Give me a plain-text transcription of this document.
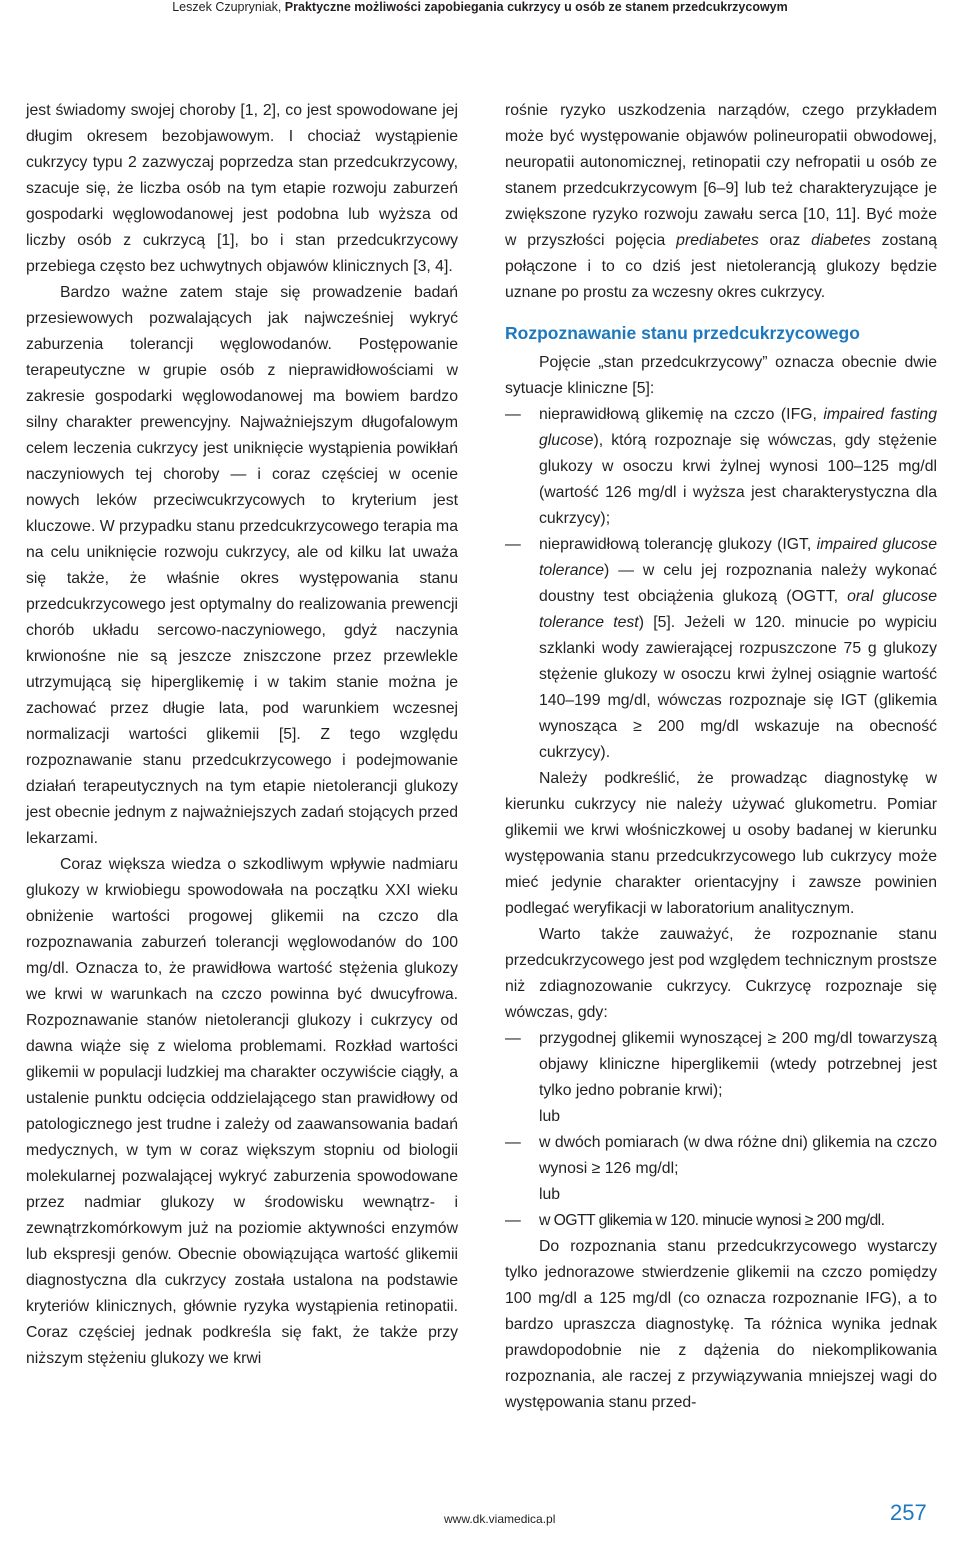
Leszek Czupryniak, Praktyczne możliwości zapobiegania cukrzycy u osób ze stanem przedcukrzycowym

jest świadomy swojej choroby [1, 2], co jest spowodowane jej długim okresem bezobjawowym. I chociaż wystąpienie cukrzycy typu 2 zazwyczaj poprzedza stan przedcukrzycowy, szacuje się, że liczba osób na tym etapie rozwoju zaburzeń gospodarki węglowodanowej jest podobna lub wyższa od liczby osób z cukrzycą [1], bo i stan przedcukrzycowy przebiega często bez uchwytnych objawów klinicznych [3, 4].

Bardzo ważne zatem staje się prowadzenie badań przesiewowych pozwalających jak najwcześniej wykryć zaburzenia tolerancji węglowodanów. Postępowanie terapeutyczne w grupie osób z nieprawidłowościami w zakresie gospodarki węglowodanowej ma bowiem bardzo silny charakter prewencyjny. Najważniejszym długofalowym celem leczenia cukrzycy jest uniknięcie wystąpienia powikłań naczyniowych tej choroby — i coraz częściej w ocenie nowych leków przeciwcukrzycowych to kryterium jest kluczowe. W przypadku stanu przedcukrzycowego terapia ma na celu uniknięcie rozwoju cukrzycy, ale od kilku lat uważa się także, że właśnie okres występowania stanu przedcukrzycowego jest optymalny do realizowania prewencji chorób układu sercowo-naczyniowego, gdyż naczynia krwionośne nie są jeszcze zniszczone przez przewlekle utrzymującą się hiperglikemię i w takim stanie można je zachować przez długie lata, pod warunkiem wczesnej normalizacji wartości glikemii [5]. Z tego względu rozpoznawanie stanu przedcukrzycowego i podejmowanie działań terapeutycznych na tym etapie nietolerancji glukozy jest obecnie jednym z najważniejszych zadań stojących przed lekarzami.

Coraz większa wiedza o szkodliwym wpływie nadmiaru glukozy w krwiobiegu spowodowała na początku XXI wieku obniżenie wartości progowej glikemii na czczo dla rozpoznawania zaburzeń tolerancji węglowodanów do 100 mg/dl. Oznacza to, że prawidłowa wartość stężenia glukozy we krwi w warunkach na czczo powinna być dwucyfrowa. Rozpoznawanie stanów nietolerancji glukozy i cukrzycy od dawna wiąże się z wieloma problemami. Rozkład wartości glikemii w populacji ludzkiej ma charakter oczywiście ciągły, a ustalenie punktu odcięcia oddzielającego stan prawidłowy od patologicznego jest trudne i zależy od zaawansowania badań medycznych, w tym w coraz większym stopniu od biologii molekularnej pozwalającej wykryć zaburzenia spowodowane przez nadmiar glukozy w środowisku wewnątrz- i zewnątrzkomórkowym już na poziomie aktywności enzymów lub ekspresji genów. Obecnie obowiązująca wartość glikemii diagnostyczna dla cukrzycy została ustalona na podstawie kryteriów klinicznych, głównie ryzyka wystąpienia retinopatii. Coraz częściej jednak podkreśla się fakt, że także przy niższym stężeniu glukozy we krwi

rośnie ryzyko uszkodzenia narządów, czego przykładem może być występowanie objawów polineuropatii obwodowej, neuropatii autonomicznej, retinopatii czy nefropatii u osób ze stanem przedcukrzycowym [6–9] lub też charakteryzujące je zwiększone ryzyko rozwoju zawału serca [10, 11]. Być może w przyszłości pojęcia prediabetes oraz diabetes zostaną połączone i to co dziś jest nietolerancją glukozy będzie uznane po prostu za wczesny okres cukrzycy.

Rozpoznawanie stanu przedcukrzycowego

Pojęcie „stan przedcukrzycowy” oznacza obecnie dwie sytuacje kliniczne [5]:

— nieprawidłową glikemię na czczo (IFG, impaired fasting glucose), którą rozpoznaje się wówczas, gdy stężenie glukozy w osoczu krwi żylnej wynosi 100–125 mg/dl (wartość 126 mg/dl i wyższa jest charakterystyczna dla cukrzycy);
— nieprawidłową tolerancję glukozy (IGT, impaired glucose tolerance) — w celu jej rozpoznania należy wykonać doustny test obciążenia glukozą (OGTT, oral glucose tolerance test) [5]. Jeżeli w 120. minucie po wypiciu szklanki wody zawierającej rozpuszczone 75 g glukozy stężenie glukozy w osoczu krwi żylnej osiągnie wartość 140–199 mg/dl, wówczas rozpoznaje się IGT (glikemia wynosząca ≥ 200 mg/dl wskazuje na obecność cukrzycy).

Należy podkreślić, że prowadząc diagnostykę w kierunku cukrzycy nie należy używać glukometru. Pomiar glikemii we krwi włośniczkowej u osoby badanej w kierunku występowania stanu przedcukrzycowego lub cukrzycy może mieć jedynie charakter orientacyjny i zawsze powinien podlegać weryfikacji w laboratorium analitycznym.

Warto także zauważyć, że rozpoznanie stanu przedcukrzycowego jest pod względem technicznym prostsze niż zdiagnozowanie cukrzycy. Cukrzycę rozpoznaje się wówczas, gdy:

— przygodnej glikemii wynoszącej ≥ 200 mg/dl towarzyszą objawy kliniczne hiperglikemii (wtedy potrzebnej jest tylko jedno pobranie krwi);
lub
— w dwóch pomiarach (w dwa różne dni) glikemia na czczo wynosi ≥ 126 mg/dl;
lub
— w OGTT glikemia w 120. minucie wynosi ≥ 200 mg/dl.

Do rozpoznania stanu przedcukrzycowego wystarczy tylko jednorazowe stwierdzenie glikemii na czczo pomiędzy 100 mg/dl a 125 mg/dl (co oznacza rozpoznanie IFG), a to bardzo upraszcza diagnostykę. Ta różnica wynika jednak prawdopodobnie nie z dążenia do niekomplikowania rozpoznania, ale raczej z przywiązywania mniejszej wagi do występowania stanu przed-

www.dk.viamedica.pl	257
